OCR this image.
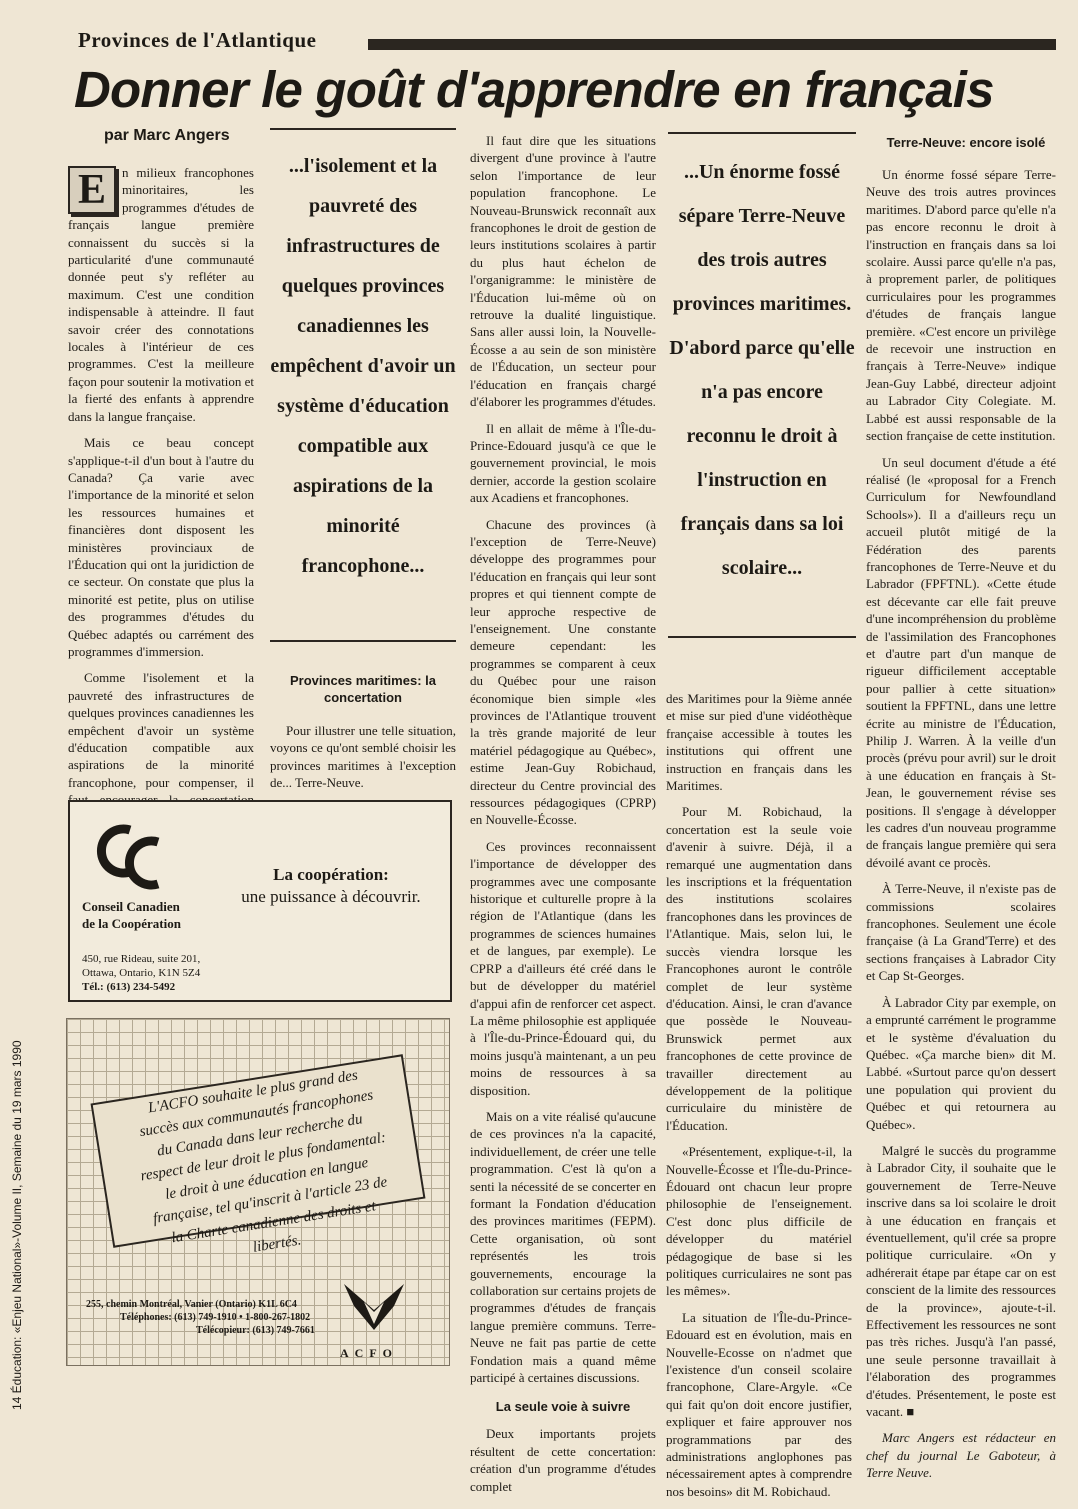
Provinces de l'Atlantique
Donner le goût d'apprendre en français
par Marc Angers
E	n milieux francophones minoritaires, les programmes d'études de français langue première connaissent du succès si la particularité d'une communauté donnée peut s'y refléter au maximum. C'est une condition indispensable à atteindre. Il faut savoir créer des connotations locales à l'intérieur de ces programmes. C'est la meilleure façon pour soutenir la motivation et la fierté des enfants à apprendre dans la langue française.

Mais ce beau concept s'applique-t-il d'un bout à l'autre du Canada? Ça varie avec l'importance de la minorité et selon les ressources humaines et financières dont disposent les ministères provinciaux de l'Éducation qui ont la juridiction de ce secteur. On constate que plus la minorité est petite, plus on utilise des programmes d'études du Québec adaptés ou carrément des programmes d'immersion.

Comme l'isolement et la pauvreté des infrastructures de quelques provinces canadiennes les empêchent d'avoir un système d'éducation compatible aux aspirations de la minorité francophone, pour compenser, il

...l'isolement et la pauvreté des infrastructures de quelques provinces canadiennes les empêchent d'avoir un système d'éducation compatible aux aspirations de la minorité francophone...
Provinces maritimes: la concertation

Pour illustrer une telle situation, voyons ce qu'ont semblé choisir les provinces maritimes à l'exception de... Terre-Neuve.

Il faut dire que les situations divergent d'une province à l'autre selon l'importance de leur population francophone. Le Nouveau-Brunswick reconnaît aux francophones le droit de gestion de leurs institutions scolaires à partir du plus haut échelon de l'organigramme: le ministère de l'Éducation lui-même où on retrouve la dualité linguistique. Sans aller aussi loin, la Nouvelle-Écosse a au sein de son ministère de l'Éducation, un secteur pour l'éducation en français chargé d'élaborer les programmes d'études.

Il en allait de même à l'Île-du-Prince-Edouard jusqu'à ce que le gouvernement provincial, le mois dernier, accorde la gestion scolaire aux Acadiens et francophones.

Chacune des provinces (à l'exception de Terre-Neuve) développe des programmes pour l'éducation en français qui leur sont propres et qui tiennent compte de leur approche respective de l'enseignement. Une constante demeure cependant: les programmes se comparent à ceux du Québec pour une raison économique bien simple «les provinces de l'Atlantique trouvent la très grande majorité de leur matériel pédagogique au Québec», estime Jean-Guy Robichaud, directeur du Centre provincial des ressources pédagogiques (CPRP) en Nouvelle-Écosse.

Ces provinces reconnaissent l'importance de développer des programmes avec une composante historique et culturelle propre à la région de l'Atlantique (dans les programmes de sciences humaines et de langues, par exemple). Le CPRP a d'ailleurs été créé dans le but de développer du matériel d'appui afin de renforcer cet aspect. La même philosophie est appliquée à l'Île-du-Prince-Édouard qui, du moins jusqu'à maintenant, a un peu moins de ressources à sa disposition.

Mais on a vite réalisé qu'aucune de ces provinces n'a la capacité, individuellement, de créer une telle programmation. C'est là qu'on a senti la nécessité de se concerter en formant la Fondation d'éducation des provinces maritimes (FEPM). Cette organisation, où sont représentés les trois gouvernements, encourage la collaboration sur certains projets de programmes d'études de français langue première communs. Terre-Neuve ne fait pas partie de cette Fondation mais a quand même participé à certaines discussions.

La seule voie à suivre

Deux importants projets résultent de cette concertation: création d'un programme d'études complet

...Un énorme fossé sépare Terre-Neuve des trois autres provinces maritimes. D'abord parce qu'elle n'a pas encore reconnu le droit à l'instruction en français dans sa loi scolaire...

des Maritimes pour la 9ième année et mise sur pied d'une vidéothèque française accessible à toutes les institutions qui offrent une instruction en français dans les Maritimes.

Pour M. Robichaud, la concertation est la seule voie d'avenir à suivre. Déjà, il a remarqué une augmentation dans les inscriptions et la fréquentation des institutions scolaires francophones dans les provinces de l'Atlantique. Mais, selon lui, le succès viendra lorsque les Francophones auront le contrôle complet de leur système d'éducation. Ainsi, le cran d'avance que possède le Nouveau-Brunswick permet aux francophones de cette province de travailler directement au développement de la politique curriculaire du ministère de l'Éducation.

«Présentement, explique-t-il, la Nouvelle-Écosse et l'Île-du-Prince-Édouard ont chacun leur propre philosophie de l'enseignement. C'est donc plus difficile de développer du matériel pédagogique de base si les politiques curriculaires ne sont pas les mêmes».

La situation de l'Île-du-Prince-Edouard est en évolution, mais en Nouvelle-Ecosse on n'admet que l'existence d'un conseil scolaire francophone, Clare-Argyle. «Ce qui fait qu'on doit encore justifier, expliquer et faire approuver nos programmations par des administrations anglophones pas nécessairement aptes à comprendre nos besoins» dit M. Robichaud.

Terre-Neuve: encore isolé

Un énorme fossé sépare Terre-Neuve des trois autres provinces maritimes. D'abord parce qu'elle n'a pas encore reconnu le droit à l'instruction en français dans sa loi scolaire. Aussi parce qu'elle n'a pas, à proprement parler, de politiques curriculaires pour les programmes d'études de français langue première. «C'est encore un privilège de recevoir une instruction en français à Terre-Neuve» indique Jean-Guy Labbé, directeur adjoint au Labrador City Colegiate. M. Labbé est aussi responsable de la section française de cette institution.

Un seul document d'étude a été réalisé (le «proposal for a French Curriculum for Newfoundland Schools»). Il a d'ailleurs reçu un accueil plutôt mitigé de la Fédération des parents francophones de Terre-Neuve et du Labrador (FPFTNL). «Cette étude est décevante car elle fait preuve d'une incompréhension du problème de l'assimilation des Francophones et d'autre part d'un manque de rigueur difficilement acceptable pour pallier à cette situation» soutient la FPFTNL, dans une lettre écrite au ministre de l'Éducation, Philip J. Warren. À la veille d'un procès (prévu pour avril) sur le droit à une éducation en français à St-Jean, le gouvernement révise ses positions. Il s'engage à développer les cadres d'un nouveau programme de français langue première qui sera dévoilé avant ce procès.

À Terre-Neuve, il n'existe pas de commissions scolaires francophones. Seulement une école française (à La Grand'Terre) et des sections françaises à Labrador City et Cap St-Georges.

À Labrador City par exemple, on a emprunté carrément le programme et le système d'évaluation du Québec. «Ça marche bien» dit M. Labbé. «Surtout parce qu'on dessert une population qui provient du Québec et qui retournera au Québec».

Malgré le succès du programme à Labrador City, il souhaite que le gouvernement de Terre-Neuve inscrive dans sa loi scolaire le droit à une éducation en français et éventuellement, qu'il crée sa propre politique curriculaire. «On y adhérerait étape par étape car on est conscient de la limite des ressources de la province», ajoute-t-il. Effectivement les ressources ne sont pas très riches. Jusqu'à l'an passé, une seule personne travaillait à l'élaboration des programmes d'études. Présentement, le poste est vacant. ■

Marc Angers est rédacteur en chef du journal Le Gaboteur, à Terre Neuve.

Conseil Canadien
de la Coopération
La coopération:
une puissance à découvrir.
450, rue Rideau, suite 201,
Ottawa, Ontario, K1N 5Z4
Tél.: (613) 234-5492
L'ACFO souhaite le plus grand des succès aux communautés francophones du Canada dans leur recherche du respect de leur droit le plus fondamental: le droit à une éducation en langue française, tel qu'inscrit à l'article 23 de la Charte canadienne des droits et libertés.
ACFO
255, chemin Montréal, Vanier (Ontario) K1L 6C4
Téléphones: (613) 749-1910 • 1-800-267-1802
Télécopieur: (613) 749-7661
14 Éducation: «Enjeu National»-Volume II, Semaine du 19 mars 1990
